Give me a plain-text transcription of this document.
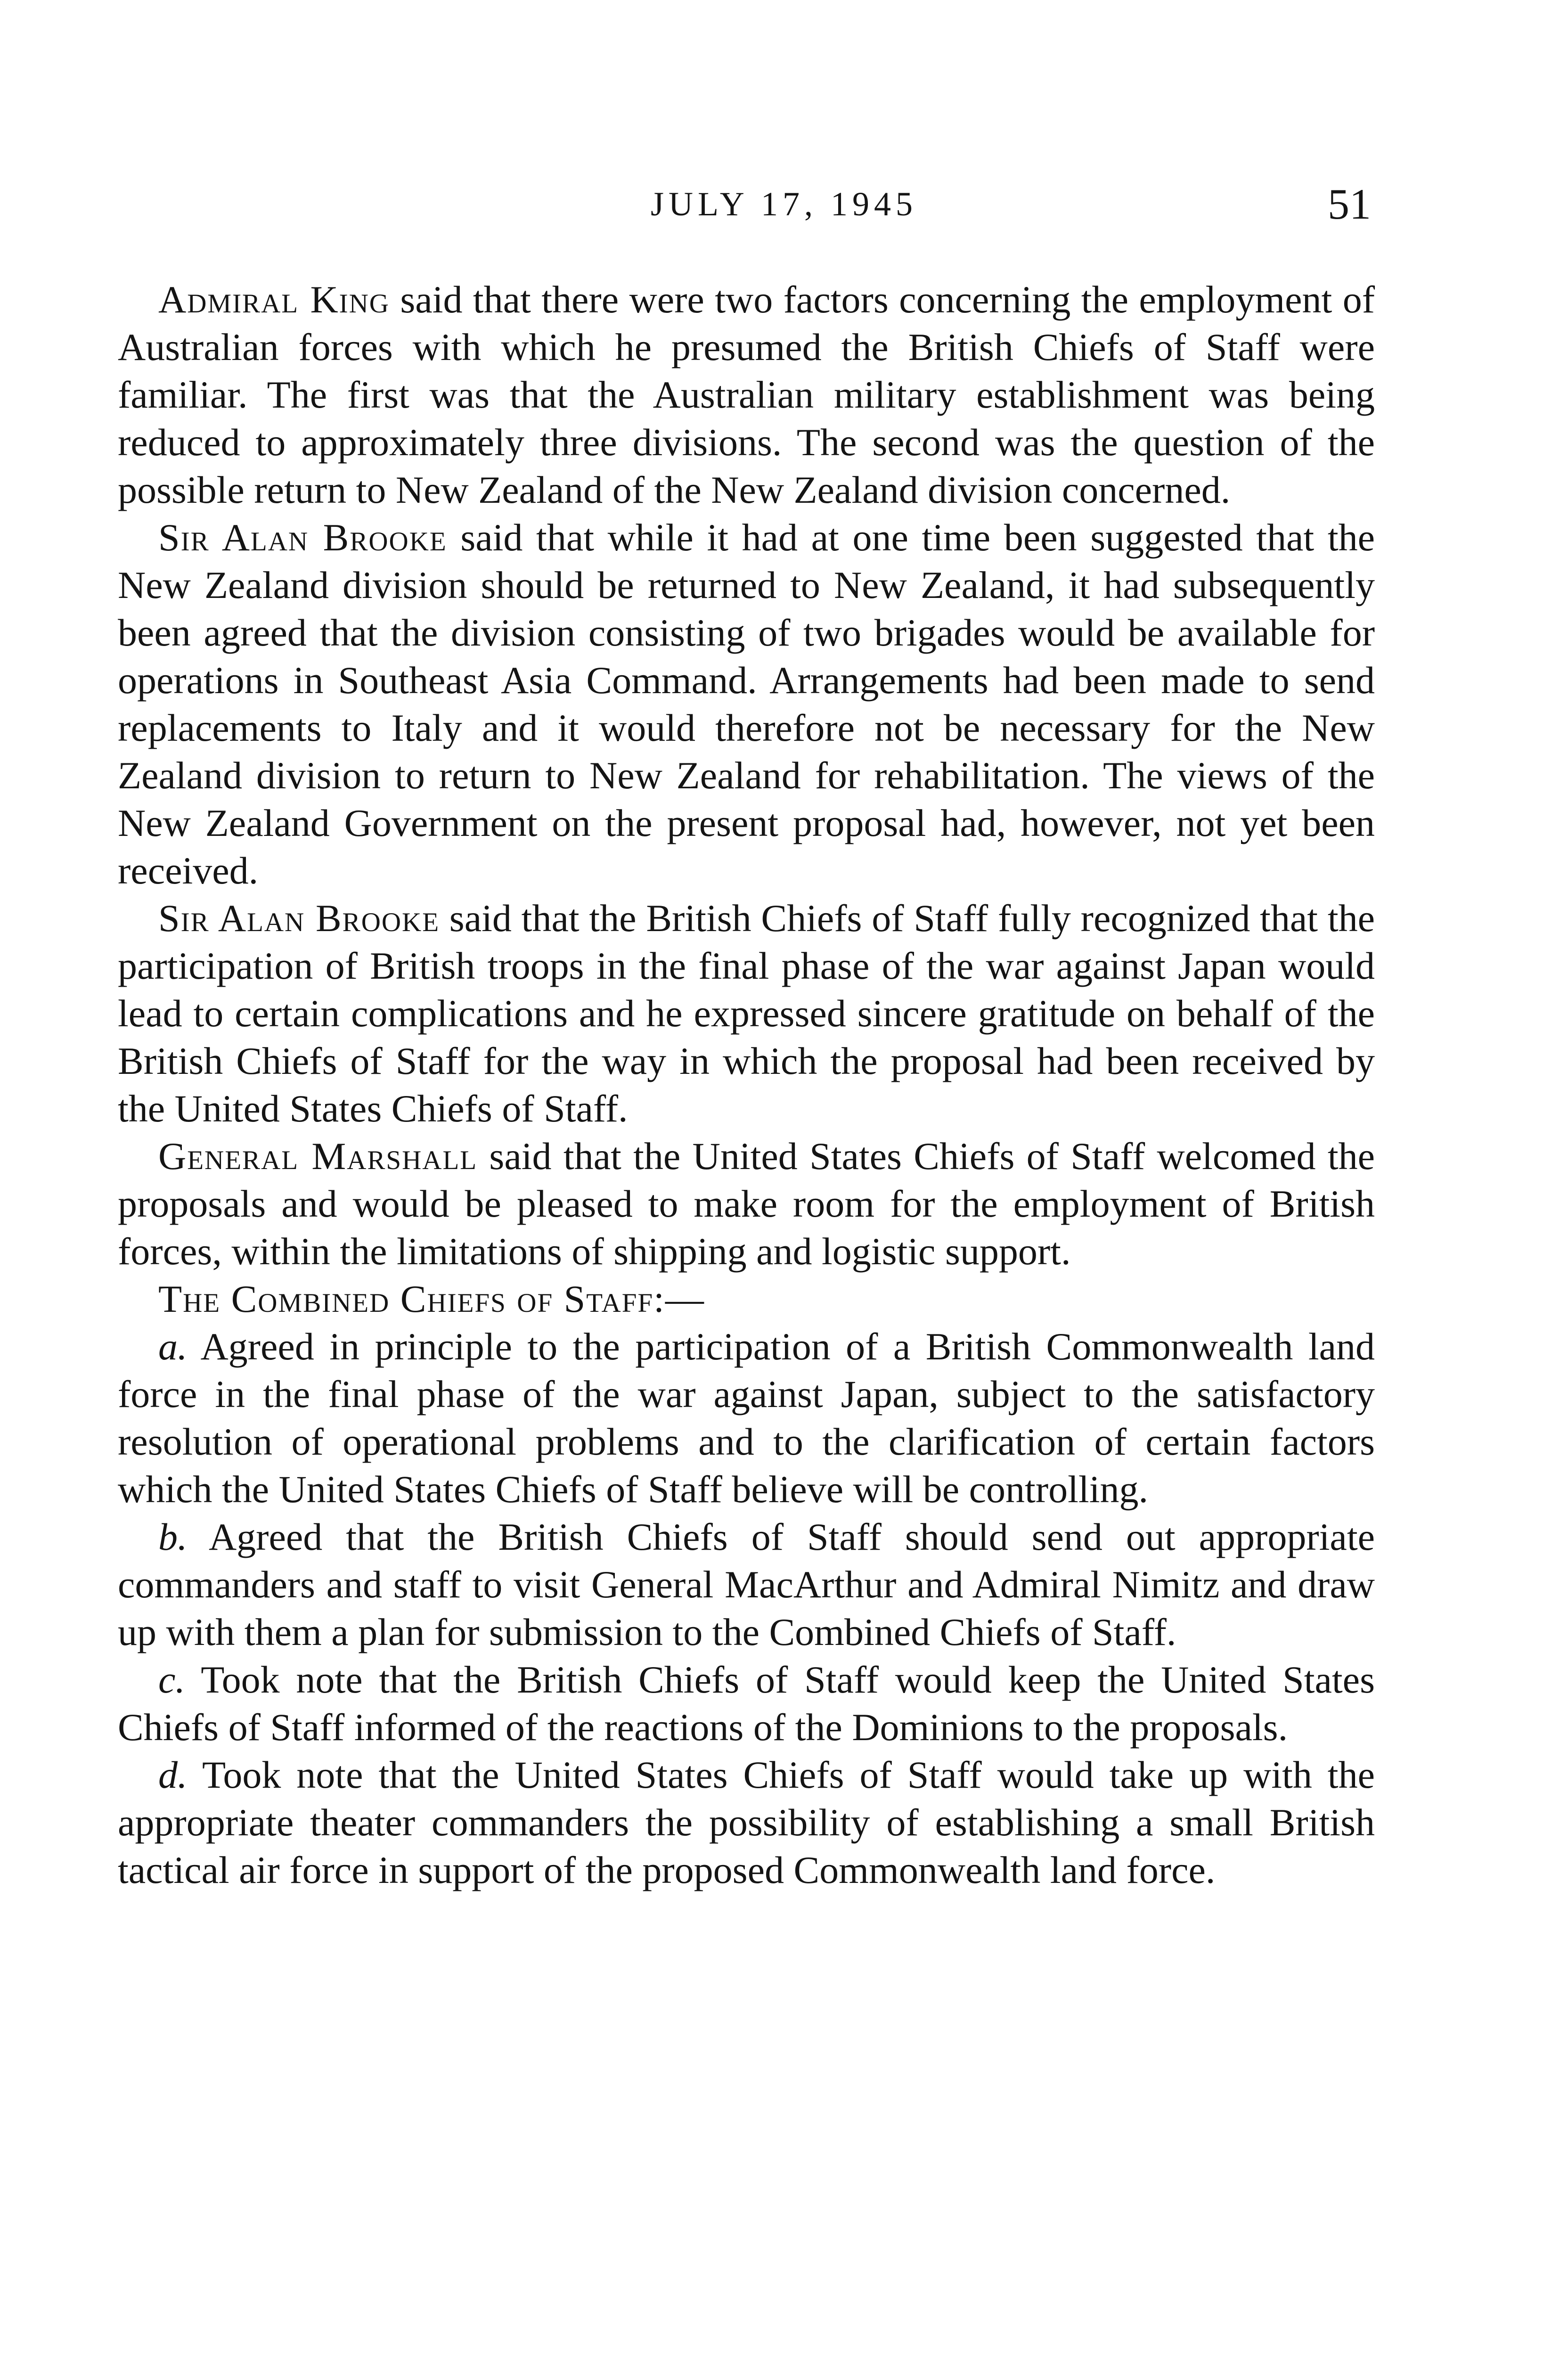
JULY 17, 1945	51

Admiral King said that there were two factors concerning the employment of Australian forces with which he presumed the British Chiefs of Staff were familiar. The first was that the Australian military establishment was being reduced to approximately three divisions. The second was the question of the possible return to New Zealand of the New Zealand division concerned.

Sir Alan Brooke said that while it had at one time been suggested that the New Zealand division should be returned to New Zealand, it had subsequently been agreed that the division consisting of two brigades would be available for operations in Southeast Asia Command. Arrangements had been made to send replacements to Italy and it would therefore not be necessary for the New Zealand division to return to New Zealand for rehabilitation. The views of the New Zealand Government on the present proposal had, however, not yet been received.

Sir Alan Brooke said that the British Chiefs of Staff fully recognized that the participation of British troops in the final phase of the war against Japan would lead to certain complications and he expressed sincere gratitude on behalf of the British Chiefs of Staff for the way in which the proposal had been received by the United States Chiefs of Staff.

General Marshall said that the United States Chiefs of Staff welcomed the proposals and would be pleased to make room for the employment of British forces, within the limitations of shipping and logistic support.

The Combined Chiefs of Staff:—

a. Agreed in principle to the participation of a British Commonwealth land force in the final phase of the war against Japan, subject to the satisfactory resolution of operational problems and to the clarification of certain factors which the United States Chiefs of Staff believe will be controlling.

b. Agreed that the British Chiefs of Staff should send out appropriate commanders and staff to visit General MacArthur and Admiral Nimitz and draw up with them a plan for submission to the Combined Chiefs of Staff.

c. Took note that the British Chiefs of Staff would keep the United States Chiefs of Staff informed of the reactions of the Dominions to the proposals.

d. Took note that the United States Chiefs of Staff would take up with the appropriate theater commanders the possibility of establishing a small British tactical air force in support of the proposed Commonwealth land force.
